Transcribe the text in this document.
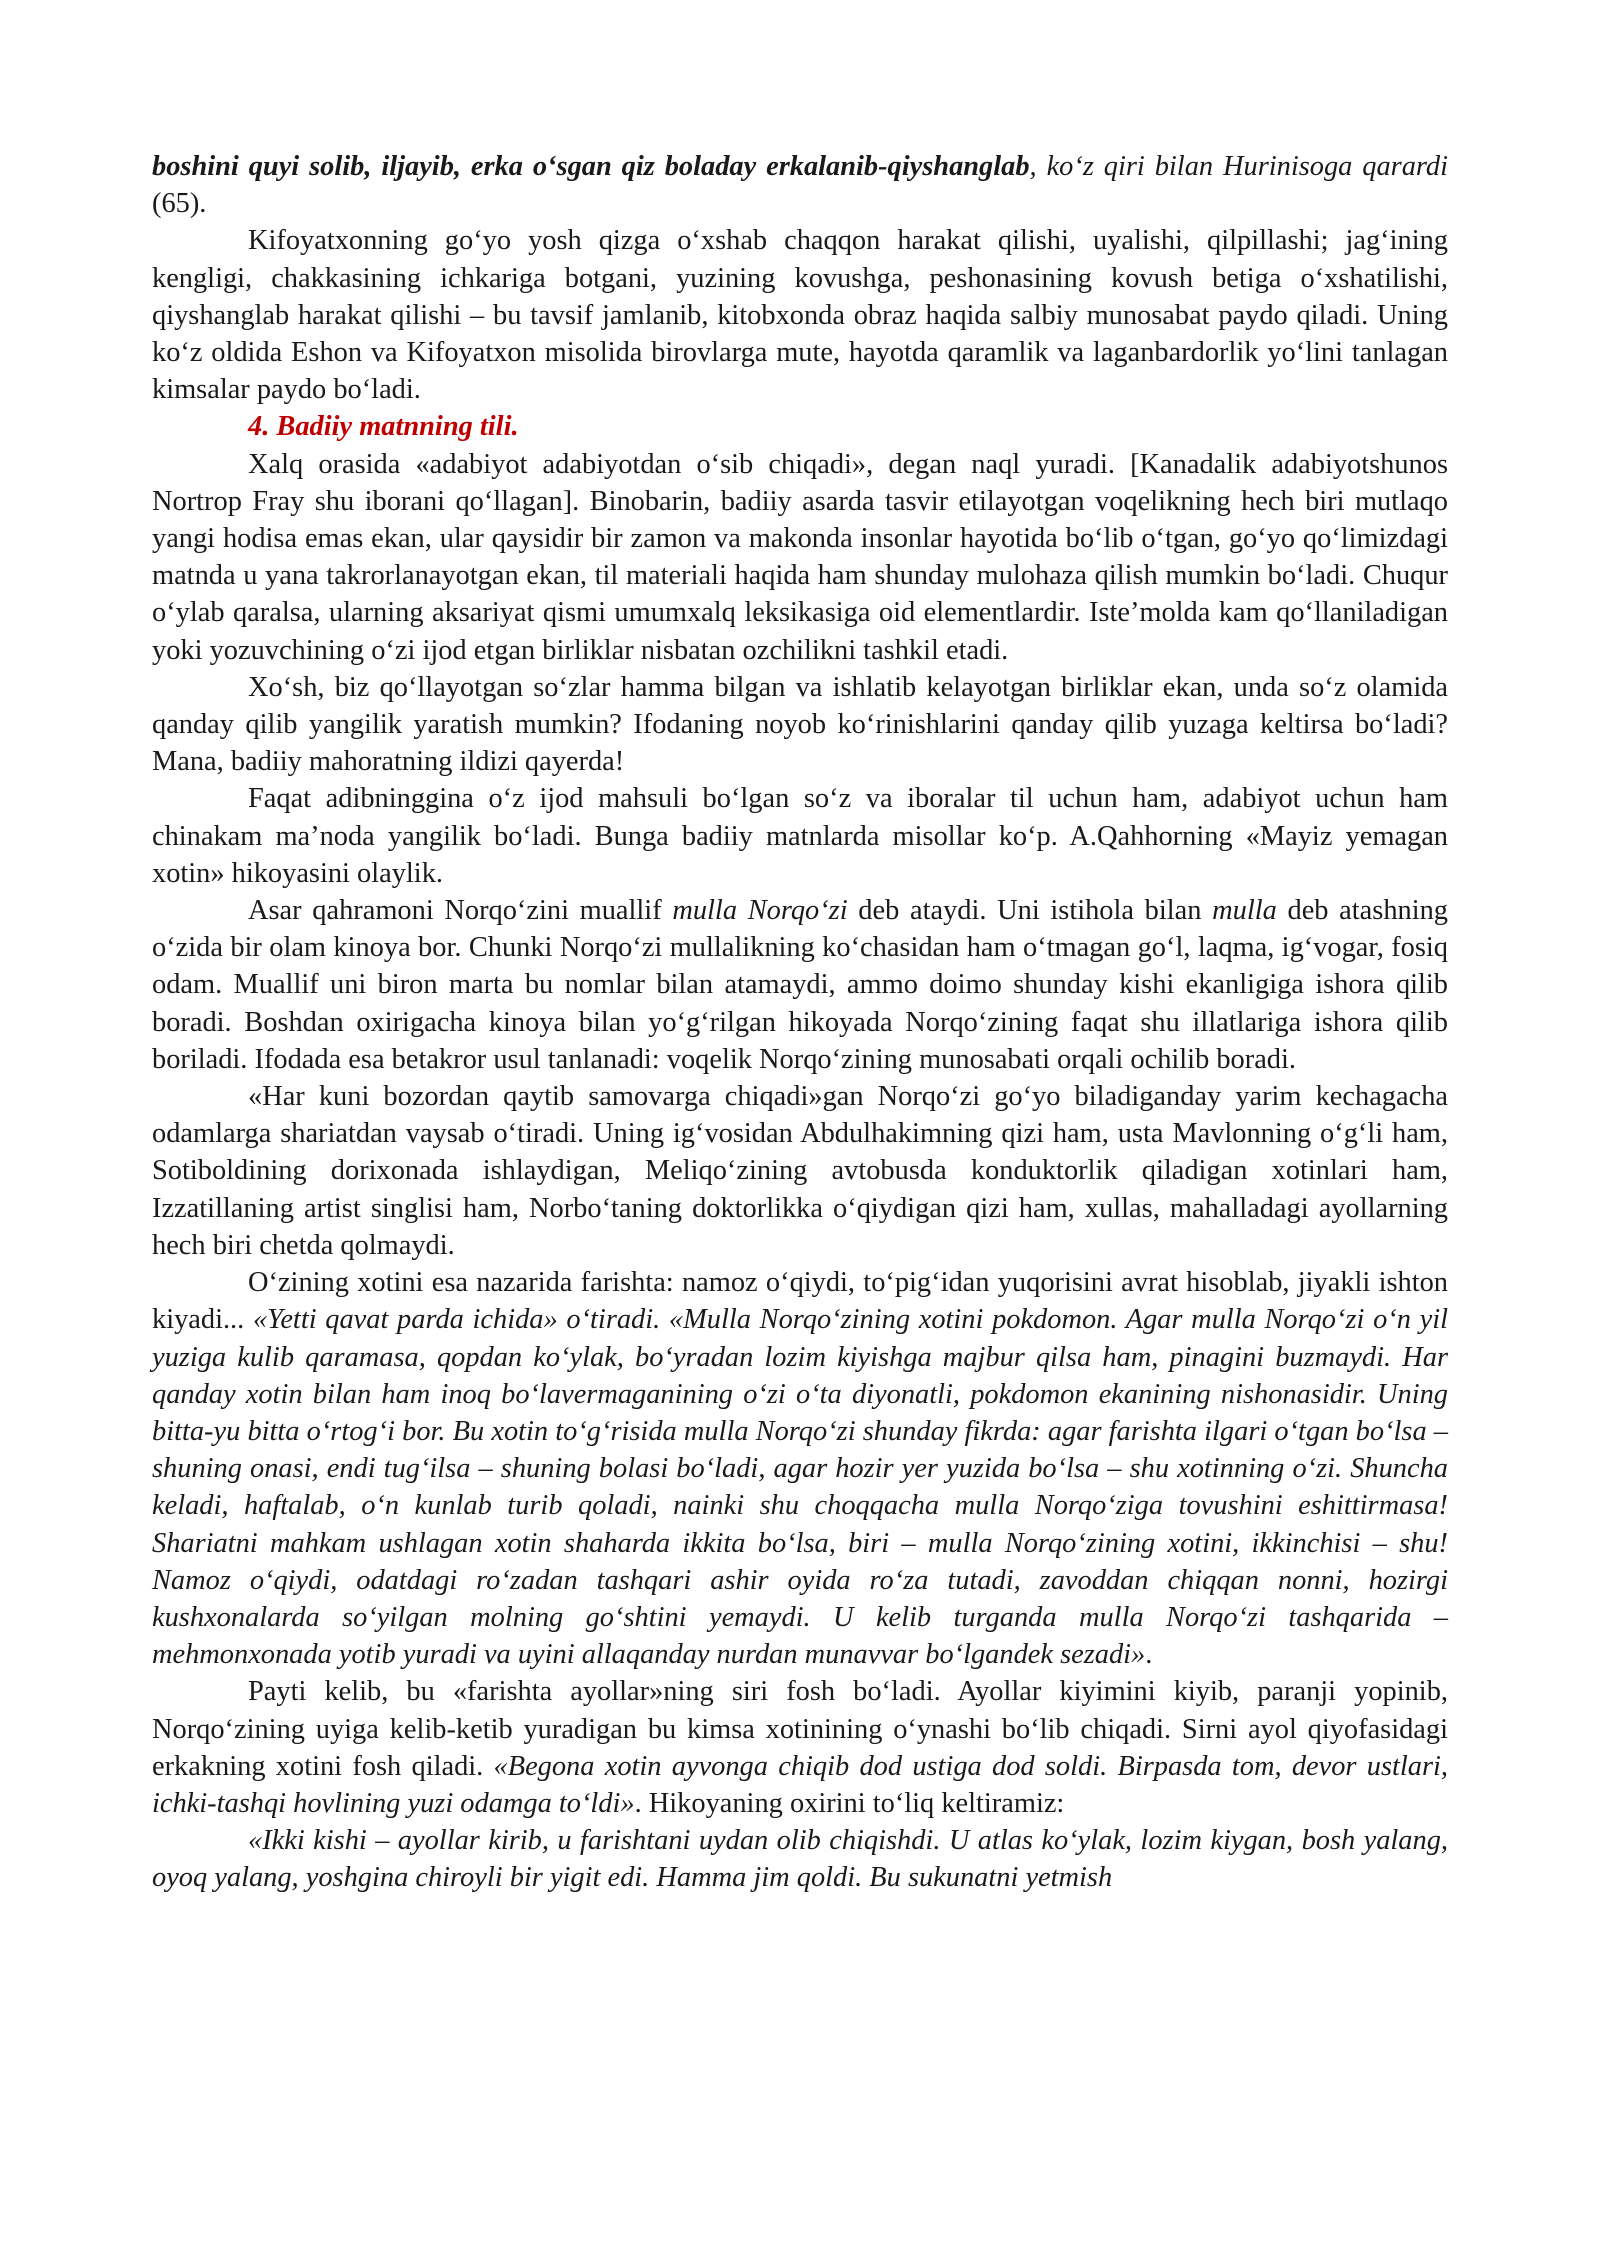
boshini quyi solib, iljayib, erka o‘sgan qiz boladay erkalanib-qiyshanglab, ko‘z qiri bilan Hurinisoga qarardi (65).

Kifoyatxonning go‘yo yosh qizga o‘xshab chaqqon harakat qilishi, uyalishi, qilpillashi; jag‘ining kengligi, chakkasining ichkariga botgani, yuzining kovushga, peshonasining kovush betiga o‘xshatilishi, qiyshanglab harakat qilishi – bu tavsif jamlanib, kitobxonda obraz haqida salbiy munosabat paydo qiladi. Uning ko‘z oldida Eshon va Kifoyatxon misolida birovlarga mute, hayotda qaramlik va laganbardorlik yo‘lini tanlagan kimsalar paydo bo‘ladi.

4. Badiiy matnning tili.

Xalq orasida «adabiyot adabiyotdan o‘sib chiqadi», degan naql yuradi. [Kanadalik adabiyotshunos Nortrop Fray shu iborani qo‘llagan]. Binobarin, badiiy asarda tasvir etilayotgan voqelikning hech biri mutlaqo yangi hodisa emas ekan, ular qaysidir bir zamon va makonda insonlar hayotida bo‘lib o‘tgan, go‘yo qo‘limizdagi matnda u yana takrorlanayotgan ekan, til materiali haqida ham shunday mulohaza qilish mumkin bo‘ladi. Chuqur o‘ylab qaralsa, ularning aksariyat qismi umumxalq leksikasiga oid elementlardir. Iste’molda kam qo‘llaniladigan yoki yozuvchining o‘zi ijod etgan birliklar nisbatan ozchilikni tashkil etadi.

Xo‘sh, biz qo‘llayotgan so‘zlar hamma bilgan va ishlatib kelayotgan birliklar ekan, unda so‘z olamida qanday qilib yangilik yaratish mumkin? Ifodaning noyob ko‘rinishlarini qanday qilib yuzaga keltirsa bo‘ladi? Mana, badiiy mahoratning ildizi qayerda!

Faqat adibninggina o‘z ijod mahsuli bo‘lgan so‘z va iboralar til uchun ham, adabiyot uchun ham chinakam ma’noda yangilik bo‘ladi. Bunga badiiy matnlarda misollar ko‘p. A.Qahhorning «Mayiz yemagan xotin» hikoyasini olaylik.

Asar qahramoni Norqo‘zini muallif mulla Norqo‘zi deb ataydi. Uni istihola bilan mulla deb atashning o‘zida bir olam kinoya bor. Chunki Norqo‘zi mullalikning ko‘chasidan ham o‘tmagan go‘l, laqma, ig‘vogar, fosiq odam. Muallif uni biron marta bu nomlar bilan atamaydi, ammo doimo shunday kishi ekanligiga ishora qilib boradi. Boshdan oxirigacha kinoya bilan yo‘g‘rilgan hikoyada Norqo‘zining faqat shu illatlariga ishora qilib boriladi. Ifodada esa betakror usul tanlanadi: voqelik Norqo‘zining munosabati orqali ochilib boradi.

«Har kuni bozordan qaytib samovarga chiqadi»gan Norqo‘zi go‘yo biladiganday yarim kechagacha odamlarga shariatdan vaysab o‘tiradi. Uning ig‘vosidan Abdulhakimning qizi ham, usta Mavlonning o‘g‘li ham, Sotiboldining dorixonada ishlaydigan, Meliqo‘zining avtobusda konduktorlik qiladigan xotinlari ham, Izzatillaning artist singlisi ham, Norbo‘taning doktorlikka o‘qiydigan qizi ham, xullas, mahalladagi ayollarning hech biri chetda qolmaydi.

O‘zining xotini esa nazarida farishta: namoz o‘qiydi, to‘pig‘idan yuqorisini avrat hisoblab, jiyakli ishton kiyadi... «Yetti qavat parda ichida» o‘tiradi. «Mulla Norqo‘zining xotini pokdomon. Agar mulla Norqo‘zi o‘n yil yuziga kulib qaramasa, qopdan ko‘ylak, bo‘yradan lozim kiyishga majbur qilsa ham, pinagini buzmaydi. Har qanday xotin bilan ham inoq bo‘lavermaganining o‘zi o‘ta diyonatli, pokdomon ekanining nishonasidir. Uning bitta-yu bitta o‘rtog‘i bor. Bu xotin to‘g‘risida mulla Norqo‘zi shunday fikrda: agar farishta ilgari o‘tgan bo‘lsa – shuning onasi, endi tug‘ilsa – shuning bolasi bo‘ladi, agar hozir yer yuzida bo‘lsa – shu xotinning o‘zi. Shuncha keladi, haftalab, o‘n kunlab turib qoladi, nainki shu choqqacha mulla Norqo‘ziga tovushini eshittirmasa! Shariatni mahkam ushlagan xotin shaharda ikkita bo‘lsa, biri – mulla Norqo‘zining xotini, ikkinchisi – shu! Namoz o‘qiydi, odatdagi ro‘zadan tashqari ashir oyida ro‘za tutadi, zavoddan chiqqan nonni, hozirgi kushxonalarda so‘yilgan molning go‘shtini yemaydi. U kelib turganda mulla Norqo‘zi tashqarida – mehmonxonada yotib yuradi va uyini allaqanday nurdan munavvar bo‘lgandek sezadi».

Payti kelib, bu «farishta ayollar»ning siri fosh bo‘ladi. Ayollar kiyimini kiyib, paranji yopinib, Norqo‘zining uyiga kelib-ketib yuradigan bu kimsa xotinining o‘ynashi bo‘lib chiqadi. Sirni ayol qiyofasidagi erkakning xotini fosh qiladi. «Begona xotin ayvonga chiqib dod ustiga dod soldi. Birpasda tom, devor ustlari, ichki-tashqi hovlining yuzi odamga to‘ldi». Hikoyaning oxirini to‘liq keltiramiz:

«Ikki kishi – ayollar kirib, u farishtani uydan olib chiqishdi. U atlas ko‘ylak, lozim kiygan, bosh yalang, oyoq yalang, yoshgina chiroyli bir yigit edi. Hamma jim qoldi. Bu sukunatni yetmish
